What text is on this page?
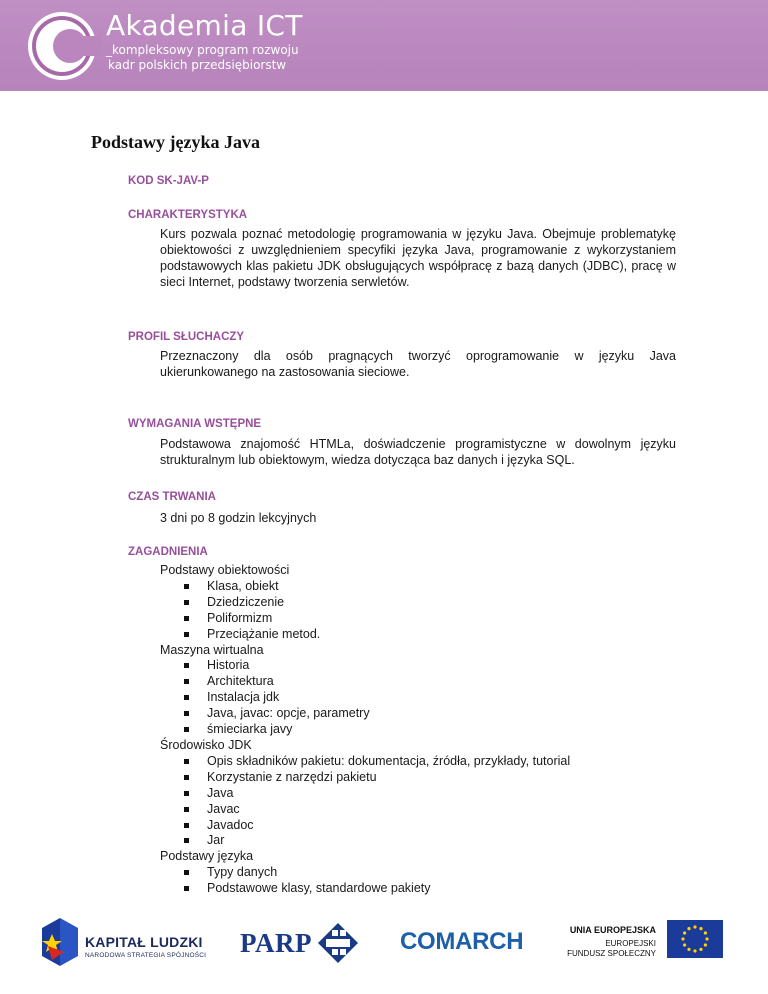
Akademia ICT
_kompleksowy program rozwoju
kadr polskich przedsiębiorstw
Podstawy języka Java
KOD SK-JAV-P
CHARAKTERYSTYKA
Kurs pozwala poznać metodologię programowania w języku Java. Obejmuje problematykę obiektowości z uwzględnieniem specyfiki języka Java, programowanie z wykorzystaniem podstawowych klas pakietu JDK obsługujących współpracę z bazą danych (JDBC), pracę w sieci Internet, podstawy tworzenia serwletów.
PROFIL SŁUCHACZY
Przeznaczony dla osób pragnących tworzyć oprogramowanie w języku Java ukierunkowanego na zastosowania sieciowe.
WYMAGANIA WSTĘPNE
Podstawowa znajomość HTMLa, doświadczenie programistyczne w dowolnym języku strukturalnym lub obiektowym, wiedza dotycząca baz danych i języka SQL.
CZAS TRWANIA
3 dni po 8 godzin lekcyjnych
ZAGADNIENIA
Podstawy obiektowości
Klasa, obiekt
Dziedziczenie
Poliformizm
Przeciążanie metod.
Maszyna wirtualna
Historia
Architektura
Instalacja jdk
Java, javac: opcje, parametry
śmieciarka javy
Środowisko JDK
Opis składników pakietu: dokumentacja, źródła, przykłady, tutorial
Korzystanie z narzędzi pakietu
Java
Javac
Javadoc
Jar
Podstawy języka
Typy danych
Podstawowe klasy, standardowe pakiety
KAPITAŁ LUDZKI
NARODOWA STRATEGIA SPÓJNOŚCI PARP	COMARCH	UNIA EUROPEJSKA
EUROPEJSKI
FUNDUSZ SPOŁECZNY
